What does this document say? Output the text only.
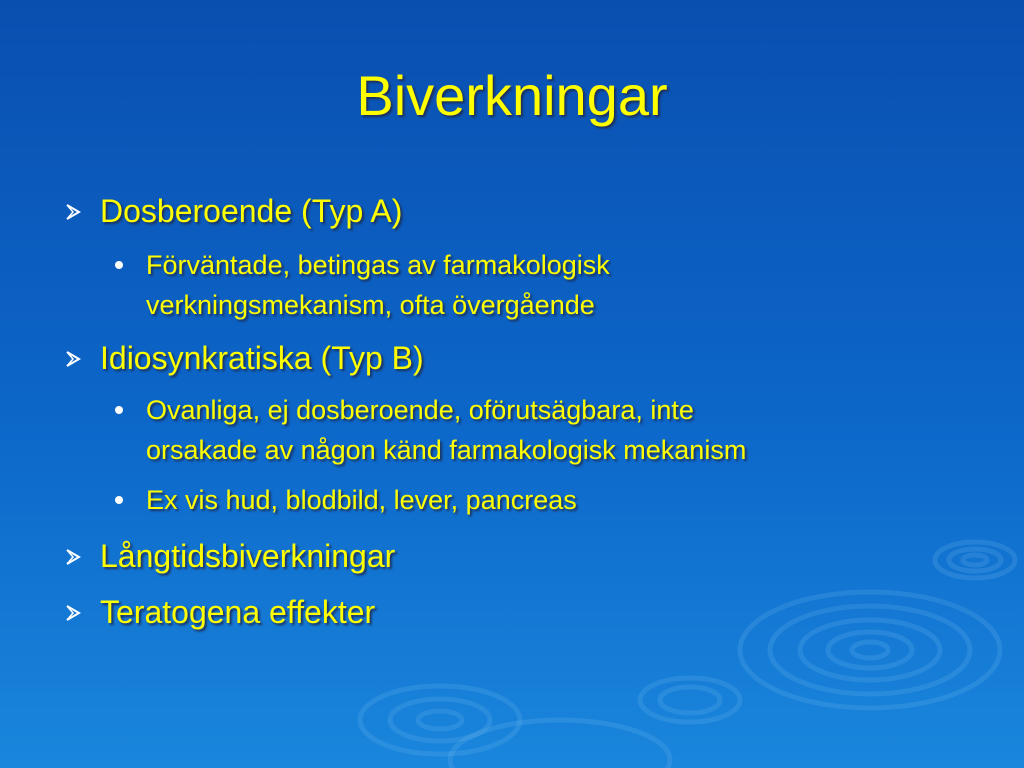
Biverkningar
Dosberoende (Typ A)
Förväntade, betingas av farmakologisk
verkningsmekanism, ofta övergående
Idiosynkratiska (Typ B)
Ovanliga, ej dosberoende, oförutsägbara, inte
orsakade av någon känd farmakologisk mekanism
Ex vis hud, blodbild, lever, pancreas
Långtidsbiverkningar
Teratogena effekter
